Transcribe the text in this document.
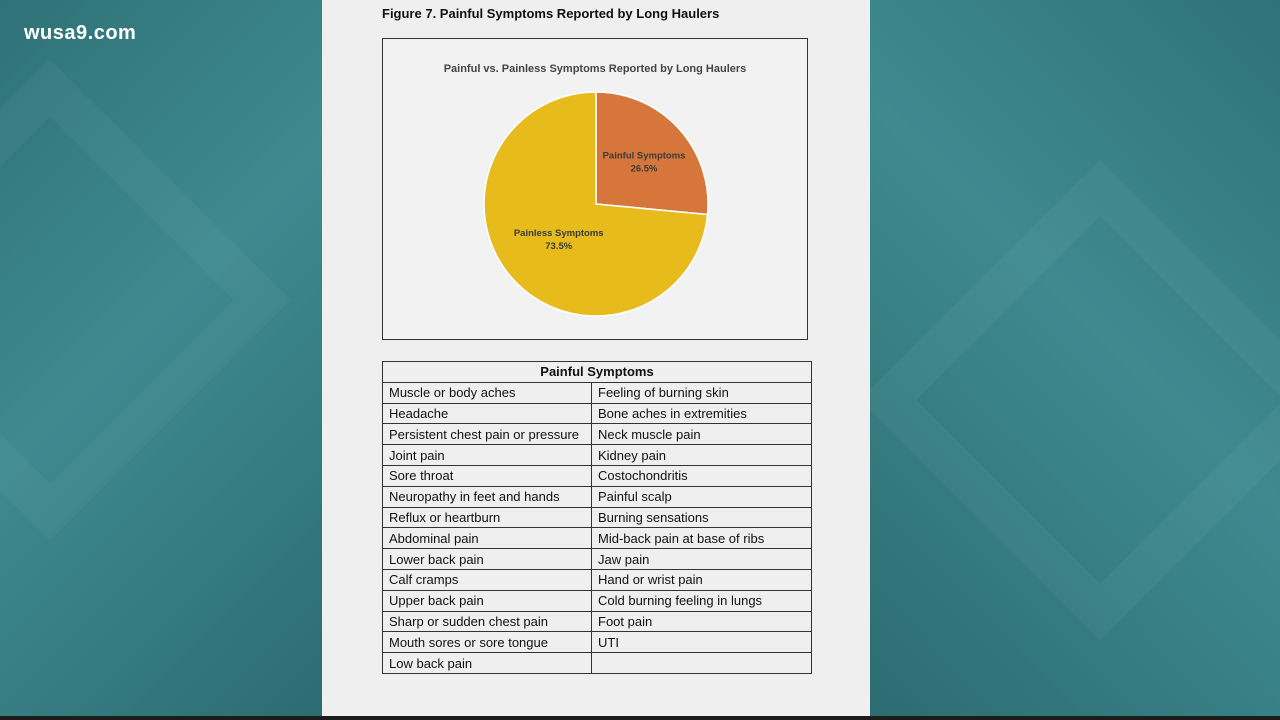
wusa9.com
Figure 7. Painful Symptoms Reported by Long Haulers
Painful vs. Painless Symptoms Reported by Long Haulers
Painful Symptoms
26.5%
Painless Symptoms
73.5%
Painful Symptoms	
Muscle or body aches	Feeling of burning skin
Headache	Bone aches in extremities
Persistent chest pain or pressure	Neck muscle pain
Joint pain	Kidney pain
Sore throat	Costochondritis
Neuropathy in feet and hands	Painful scalp
Reflux or heartburn	Burning sensations
Abdominal pain	Mid-back pain at base of ribs
Lower back pain	Jaw pain
Calf cramps	Hand or wrist pain
Upper back pain	Cold burning feeling in lungs
Sharp or sudden chest pain	Foot pain
Mouth sores or sore tongue	UTI
Low back pain	
